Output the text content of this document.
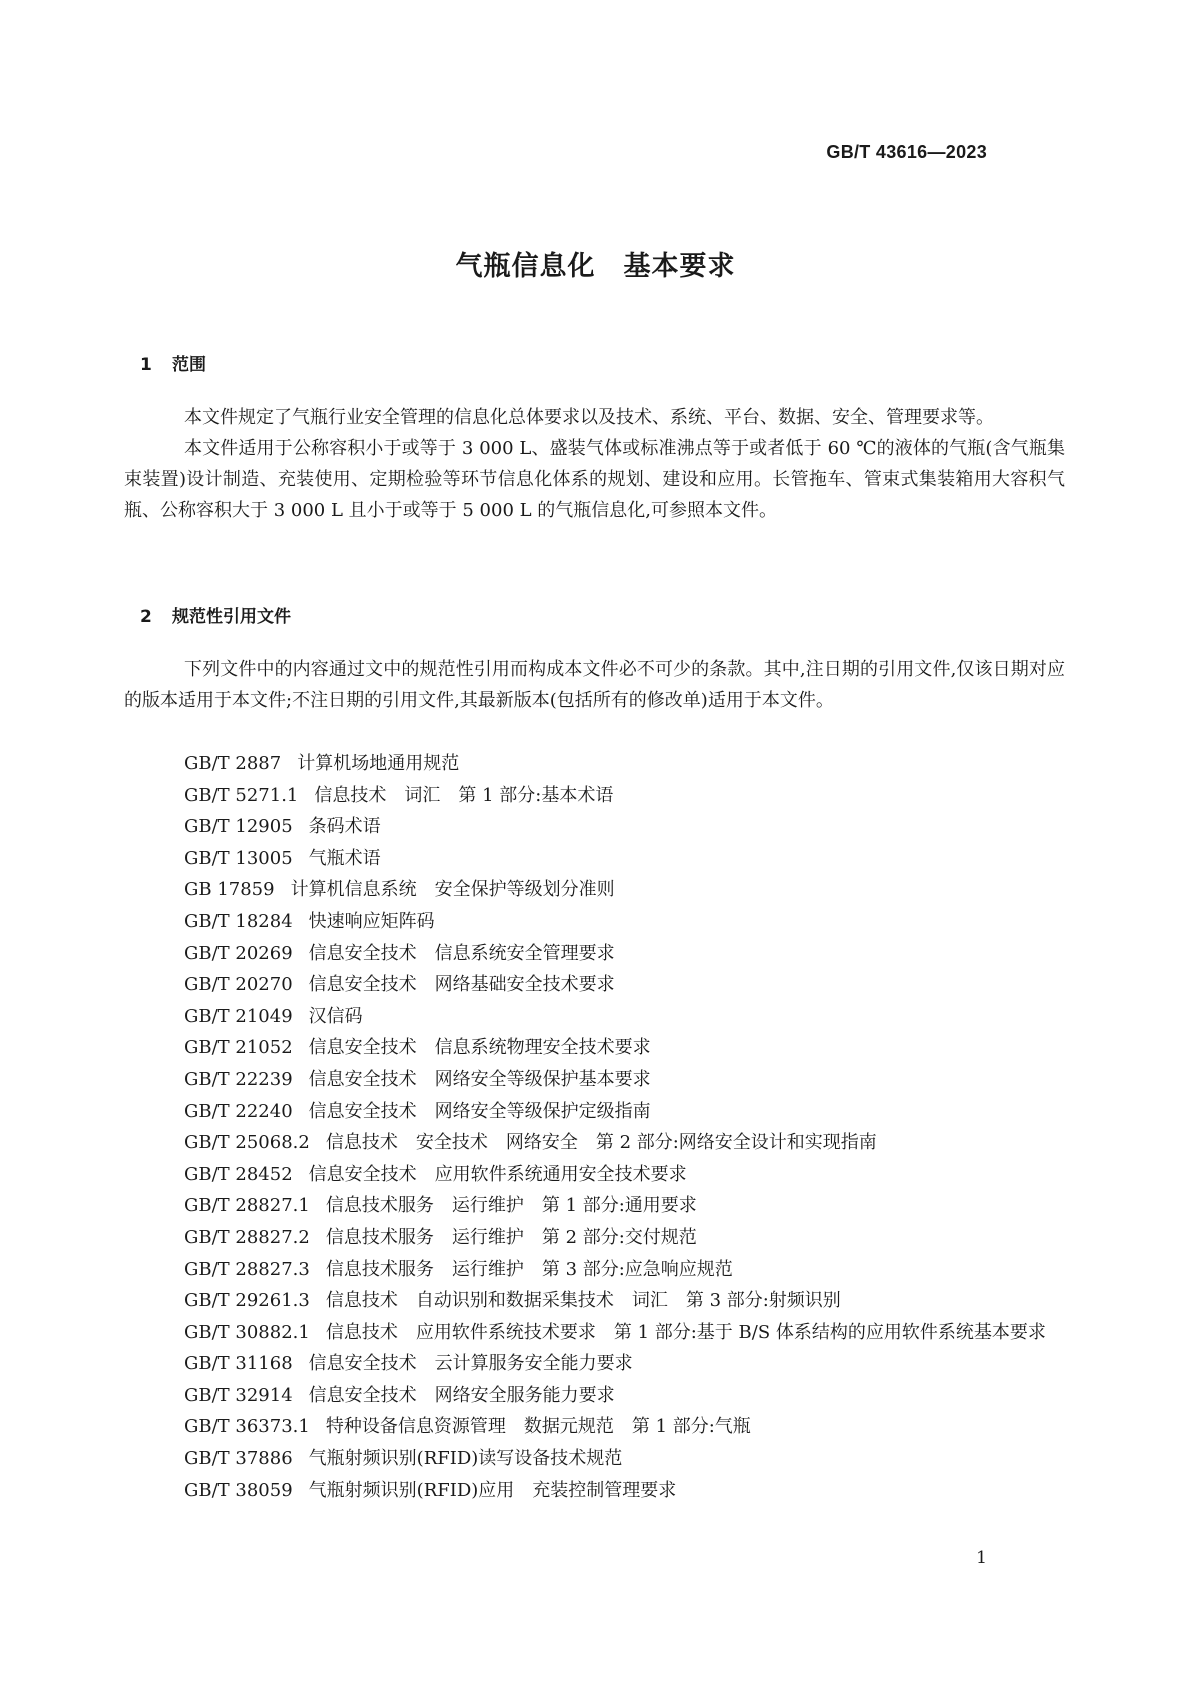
GB/T 43616—2023
气瓶信息化　基本要求
1 范围

本文件规定了气瓶行业安全管理的信息化总体要求以及技术、系统、平台、数据、安全、管理要求等。

本文件适用于公称容积小于或等于 3 000 L、盛装气体或标准沸点等于或者低于 60 ℃的液体的气瓶(含气瓶集束装置)设计制造、充装使用、定期检验等环节信息化体系的规划、建设和应用。长管拖车、管束式集装箱用大容积气瓶、公称容积大于 3 000 L 且小于或等于 5 000 L 的气瓶信息化,可参照本文件。

2 规范性引用文件

下列文件中的内容通过文中的规范性引用而构成本文件必不可少的条款。其中,注日期的引用文件,仅该日期对应的版本适用于本文件;不注日期的引用文件,其最新版本(包括所有的修改单)适用于本文件。

GB/T 2887 计算机场地通用规范
GB/T 5271.1 信息技术　词汇　第 1 部分:基本术语
GB/T 12905 条码术语
GB/T 13005 气瓶术语
GB 17859 计算机信息系统　安全保护等级划分准则
GB/T 18284 快速响应矩阵码
GB/T 20269 信息安全技术　信息系统安全管理要求
GB/T 20270 信息安全技术　网络基础安全技术要求
GB/T 21049 汉信码
GB/T 21052 信息安全技术　信息系统物理安全技术要求
GB/T 22239 信息安全技术　网络安全等级保护基本要求
GB/T 22240 信息安全技术　网络安全等级保护定级指南
GB/T 25068.2 信息技术　安全技术　网络安全　第 2 部分:网络安全设计和实现指南
GB/T 28452 信息安全技术　应用软件系统通用安全技术要求
GB/T 28827.1 信息技术服务　运行维护　第 1 部分:通用要求
GB/T 28827.2 信息技术服务　运行维护　第 2 部分:交付规范
GB/T 28827.3 信息技术服务　运行维护　第 3 部分:应急响应规范
GB/T 29261.3 信息技术　自动识别和数据采集技术　词汇　第 3 部分:射频识别
GB/T 30882.1 信息技术　应用软件系统技术要求　第 1 部分:基于 B/S 体系结构的应用软件系统基本要求
GB/T 31168 信息安全技术　云计算服务安全能力要求
GB/T 32914 信息安全技术　网络安全服务能力要求
GB/T 36373.1 特种设备信息资源管理　数据元规范　第 1 部分:气瓶
GB/T 37886 气瓶射频识别(RFID)读写设备技术规范
GB/T 38059 气瓶射频识别(RFID)应用　充装控制管理要求
1
